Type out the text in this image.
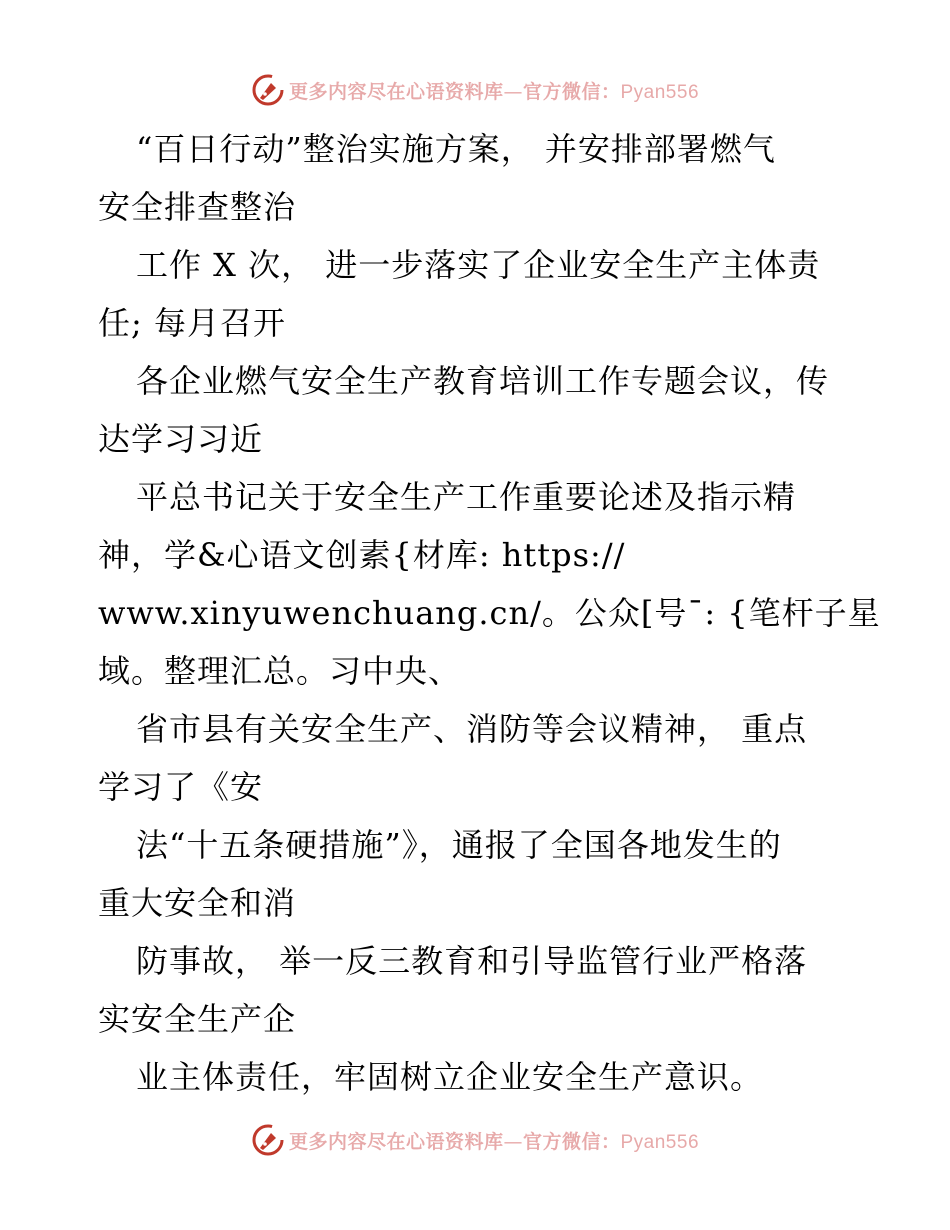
更多内容尽在心语资料库—官方微信：Pyan556
“百日行动”整治实施方案， 并安排部署燃气
安全排查整治
工作 X 次， 进一步落实了企业安全生产主体责
任; 每月召开
各企业燃气安全生产教育培训工作专题会议，传
达学习习近
平总书记关于安全生产工作重要论述及指示精
神，学&心语文创素{材库: https://
www.xinyuwenchuang.cn/。公众[号¯: {笔杆子星
域。整理汇总。习中央、
省市县有关安全生产、消防等会议精神， 重点
学习了《安
法“十五条硬措施”》，通报了全国各地发生的
重大安全和消
防事故， 举一反三教育和引导监管行业严格落
实安全生产企
业主体责任，牢固树立企业安全生产意识。
更多内容尽在心语资料库—官方微信：Pyan556
